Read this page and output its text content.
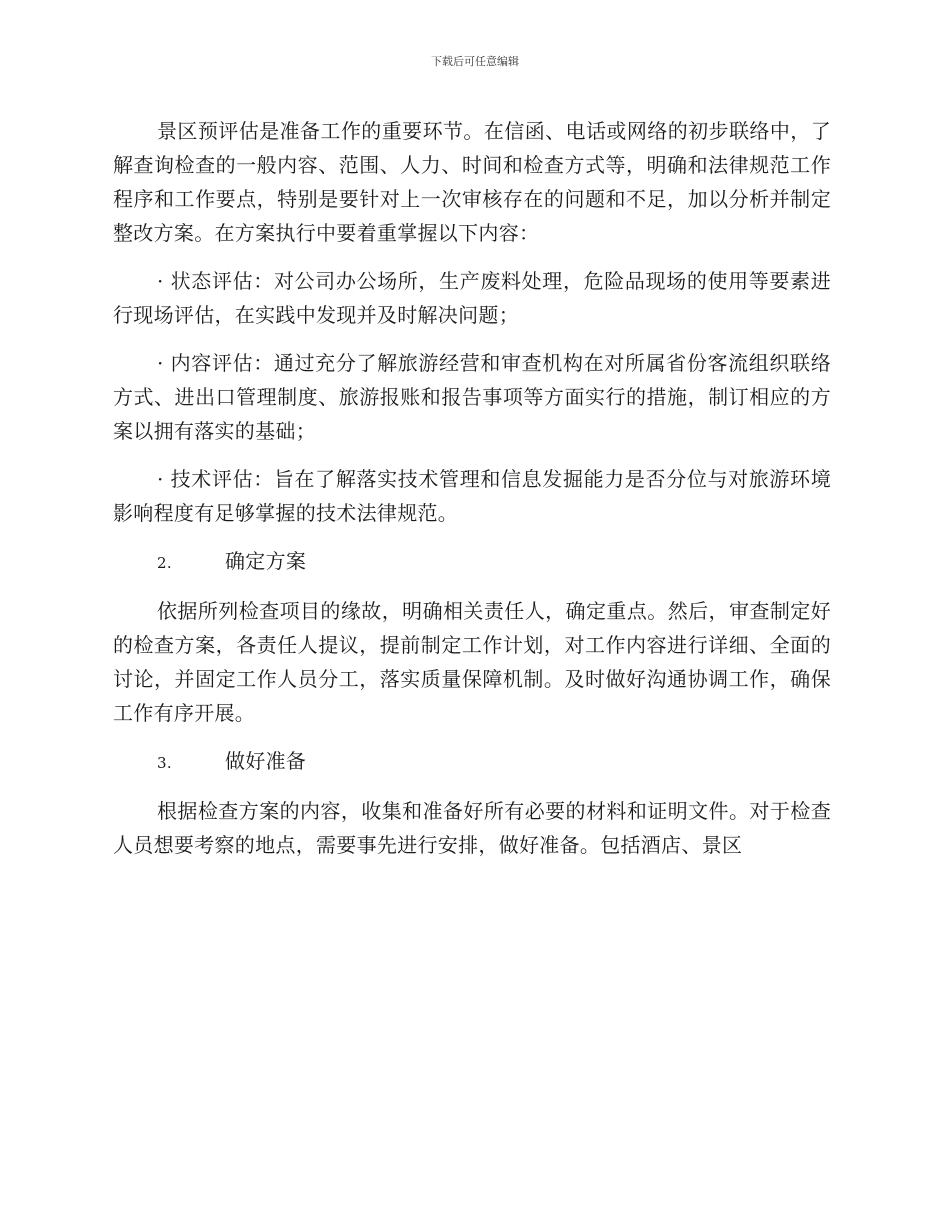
下载后可任意编辑

景区预评估是准备工作的重要环节。在信函、电话或网络的初步联络中，了解查询检查的一般内容、范围、人力、时间和检查方式等，明确和法律规范工作程序和工作要点，特别是要针对上一次审核存在的问题和不足，加以分析并制定整改方案。在方案执行中要着重掌握以下内容：

· 状态评估：对公司办公场所，生产废料处理，危险品现场的使用等要素进行现场评估，在实践中发现并及时解决问题；

· 内容评估：通过充分了解旅游经营和审查机构在对所属省份客流组织联络方式、进出口管理制度、旅游报账和报告事项等方面实行的措施，制订相应的方案以拥有落实的基础；

· 技术评估：旨在了解落实技术管理和信息发掘能力是否分位与对旅游环境影响程度有足够掌握的技术法律规范。

2.	确定方案

依据所列检查项目的缘故，明确相关责任人，确定重点。然后，审查制定好的检查方案，各责任人提议，提前制定工作计划，对工作内容进行详细、全面的讨论，并固定工作人员分工，落实质量保障机制。及时做好沟通协调工作，确保工作有序开展。

3.	做好准备

根据检查方案的内容，收集和准备好所有必要的材料和证明文件。对于检查人员想要考察的地点，需要事先进行安排，做好准备。包括酒店、景区
